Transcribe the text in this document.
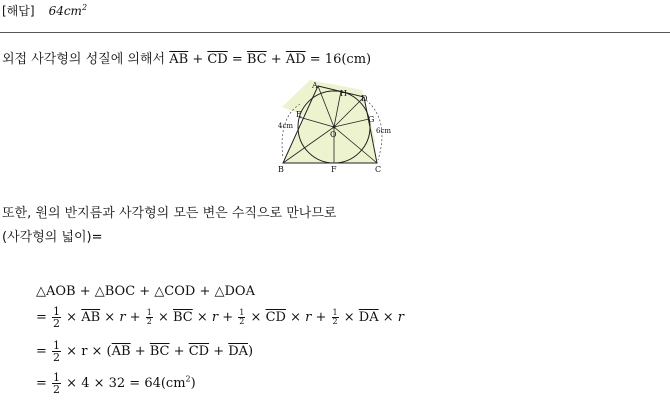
[해답] $64cm^2$
외접 사각형의 성질에 의해서 $\overline{AB} + \overline{CD} = \overline{BC} + \overline{AD} = 16(cm)$
A
H
D
E
G
O
B	F	C
4cm
6cm
또한, 원의 반지름과 사각형의 모든 변은 수직으로 만나므로
(사각형의 넓이)=
△AOB + △BOC + △COD + △DOA
= $\frac{1}{2} \times \overline{AB} \times r + \frac{1}{2} \times \overline{BC} \times r + \frac{1}{2} \times \overline{CD} \times r + \frac{1}{2} \times \overline{DA} \times r$
= $\frac{1}{2} \times r \times (\overline{AB} + \overline{BC} + \overline{CD} + \overline{DA})$
= $\frac{1}{2} \times 4 \times 32 = 64(cm^2)$
